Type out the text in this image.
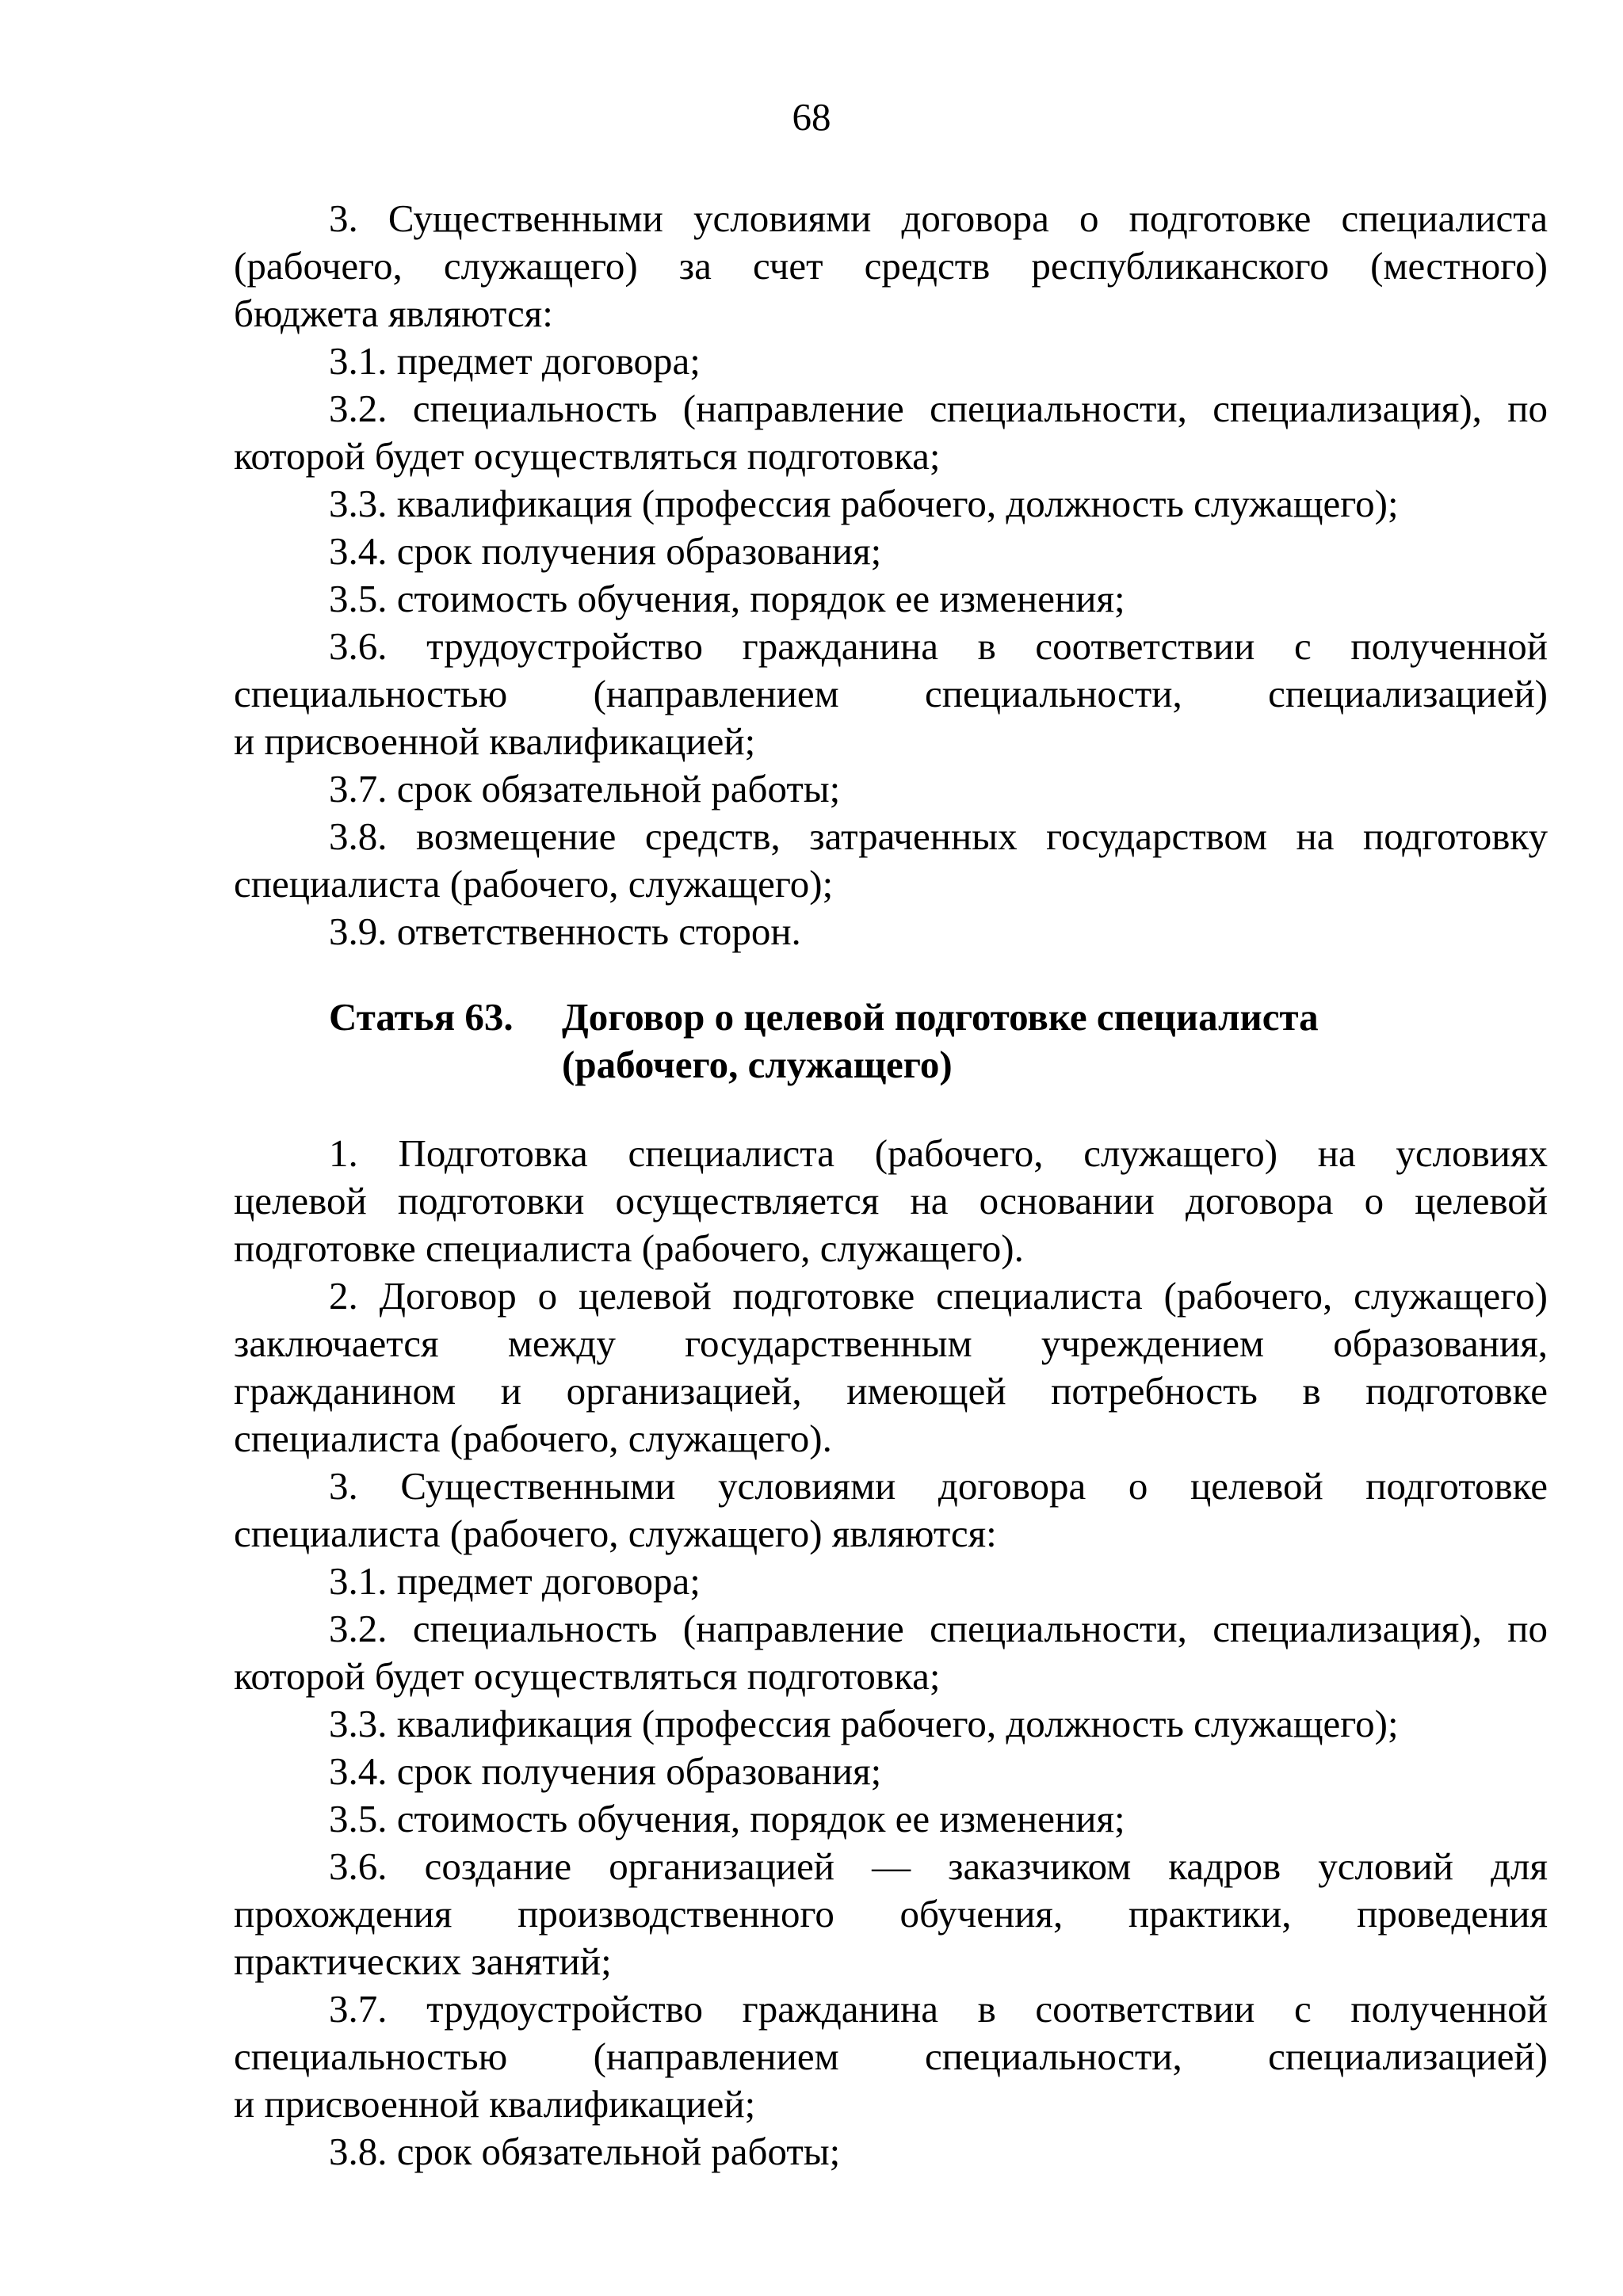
68
3. Существенными условиями договора о подготовке специалиста
(рабочего, служащего) за счет средств республиканского (местного)
бюджета являются:
3.1. предмет договора;
3.2. специальность (направление специальности, специализация), по
которой будет осуществляться подготовка;
3.3. квалификация (профессия рабочего, должность служащего);
3.4. срок получения образования;
3.5. стоимость обучения, порядок ее изменения;
3.6. трудоустройство гражданина в соответствии с полученной
специальностью (направлением специальности, специализацией)
и присвоенной квалификацией;
3.7. срок обязательной работы;
3.8. возмещение средств, затраченных государством на подготовку
специалиста (рабочего, служащего);
3.9. ответственность сторон.
Статья 63.	Договор о целевой подготовке специалиста
(рабочего, служащего)
1. Подготовка специалиста (рабочего, служащего) на условиях
целевой подготовки осуществляется на основании договора о целевой
подготовке специалиста (рабочего, служащего).
2. Договор о целевой подготовке специалиста (рабочего, служащего)
заключается между государственным учреждением образования,
гражданином и организацией, имеющей потребность в подготовке
специалиста (рабочего, служащего).
3. Существенными условиями договора о целевой подготовке
специалиста (рабочего, служащего) являются:
3.1. предмет договора;
3.2. специальность (направление специальности, специализация), по
которой будет осуществляться подготовка;
3.3. квалификация (профессия рабочего, должность служащего);
3.4. срок получения образования;
3.5. стоимость обучения, порядок ее изменения;
3.6. создание организацией — заказчиком кадров условий для
прохождения производственного обучения, практики, проведения
практических занятий;
3.7. трудоустройство гражданина в соответствии с полученной
специальностью (направлением специальности, специализацией)
и присвоенной квалификацией;
3.8. срок обязательной работы;
